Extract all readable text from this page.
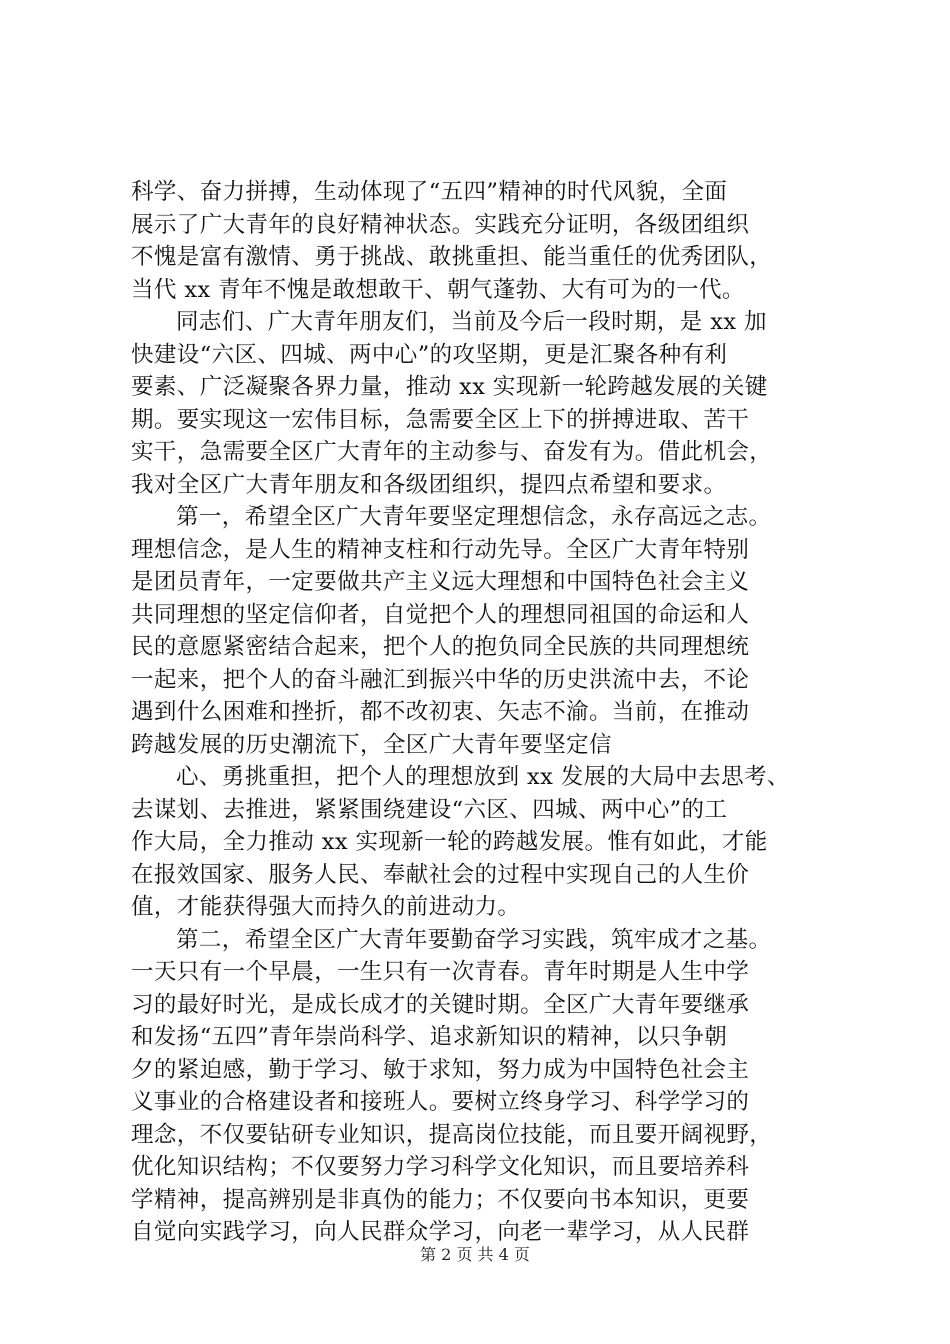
科学、奋力拼搏，生动体现了“五四”精神的时代风貌，全面
展示了广大青年的良好精神状态。实践充分证明，各级团组织
不愧是富有激情、勇于挑战、敢挑重担、能当重任的优秀团队，
当代 xx 青年不愧是敢想敢干、朝气蓬勃、大有可为的一代。
同志们、广大青年朋友们，当前及今后一段时期，是 xx 加
快建设“六区、四城、两中心”的攻坚期，更是汇聚各种有利
要素、广泛凝聚各界力量，推动 xx 实现新一轮跨越发展的关键
期。要实现这一宏伟目标，急需要全区上下的拼搏进取、苦干
实干，急需要全区广大青年的主动参与、奋发有为。借此机会，
我对全区广大青年朋友和各级团组织，提四点希望和要求。
第一，希望全区广大青年要坚定理想信念，永存高远之志。
理想信念，是人生的精神支柱和行动先导。全区广大青年特别
是团员青年，一定要做共产主义远大理想和中国特色社会主义
共同理想的坚定信仰者，自觉把个人的理想同祖国的命运和人
民的意愿紧密结合起来，把个人的抱负同全民族的共同理想统
一起来，把个人的奋斗融汇到振兴中华的历史洪流中去，不论
遇到什么困难和挫折，都不改初衷、矢志不渝。当前，在推动
跨越发展的历史潮流下，全区广大青年要坚定信
心、勇挑重担，把个人的理想放到 xx 发展的大局中去思考、
去谋划、去推进，紧紧围绕建设“六区、四城、两中心”的工
作大局，全力推动 xx 实现新一轮的跨越发展。惟有如此，才能
在报效国家、服务人民、奉献社会的过程中实现自己的人生价
值，才能获得强大而持久的前进动力。
第二，希望全区广大青年要勤奋学习实践，筑牢成才之基。
一天只有一个早晨，一生只有一次青春。青年时期是人生中学
习的最好时光，是成长成才的关键时期。全区广大青年要继承
和发扬“五四”青年崇尚科学、追求新知识的精神，以只争朝
夕的紧迫感，勤于学习、敏于求知，努力成为中国特色社会主
义事业的合格建设者和接班人。要树立终身学习、科学学习的
理念，不仅要钻研专业知识，提高岗位技能，而且要开阔视野，
优化知识结构；不仅要努力学习科学文化知识，而且要培养科
学精神，提高辨别是非真伪的能力；不仅要向书本知识，更要
自觉向实践学习，向人民群众学习，向老一辈学习，从人民群
第 2 页 共 4 页
